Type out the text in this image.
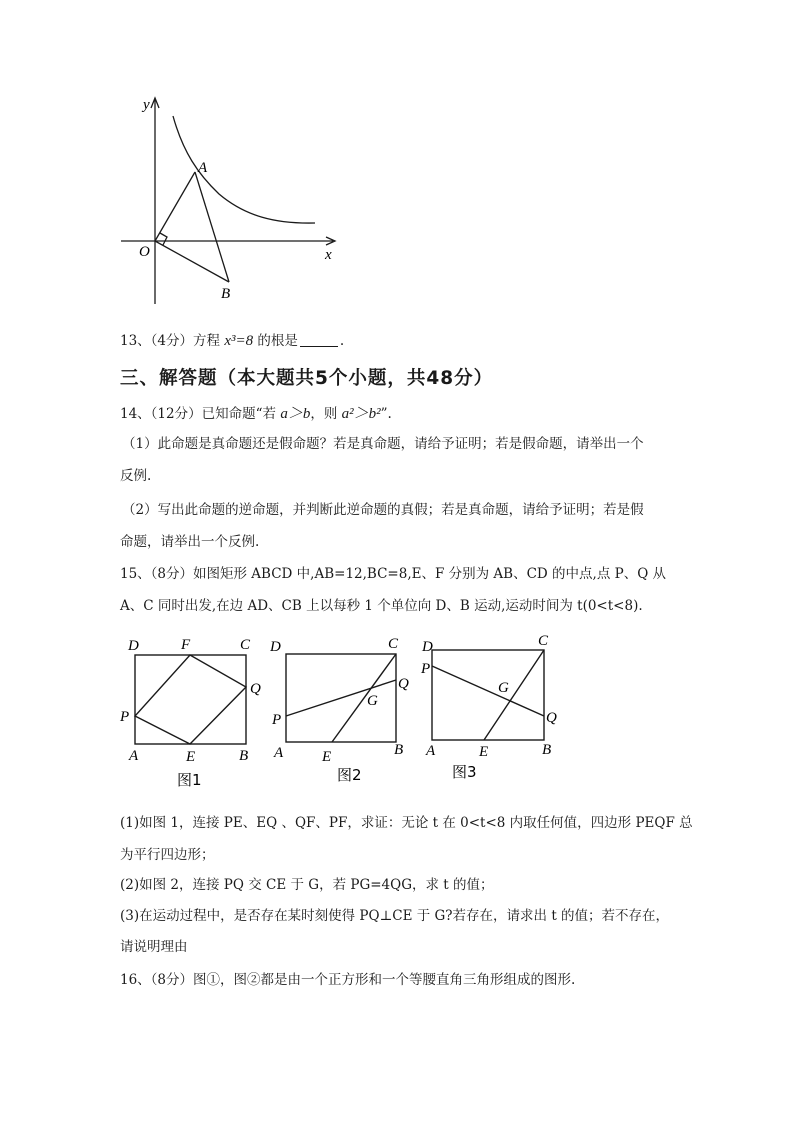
y
x
O
A
B
13、（4分）方程 x³=8 的根是	.
三、解答题（本大题共5个小题，共48分）
14、（12分）已知命题“若 a＞b，则 a²＞b²”.
（1）此命题是真命题还是假命题？若是真命题，请给予证明；若是假命题，请举出一个
反例.
（2）写出此命题的逆命题，并判断此逆命题的真假；若是真命题，请给予证明；若是假
命题，请举出一个反例.
15、（8分）如图矩形 ABCD 中,AB=12,BC=8,E、F 分别为 AB、CD 的中点,点 P、Q 从
A、C 同时出发,在边 AD、CB 上以每秒 1 个单位向 D、B 运动,运动时间为 t(0<t<8).
D	F	C
Q
P
A	E	B
图1
D	C
Q
G
P
A	E	B
图2
D	C
P
G
Q
A	E	B
图3
(1)如图 1，连接 PE、EQ 、QF、PF，求证：无论 t 在 0<t<8 内取任何值，四边形 PEQF 总
为平行四边形；
(2)如图 2，连接 PQ 交 CE 于 G，若 PG=4QG，求 t 的值；
(3)在运动过程中，是否存在某时刻使得 PQ⊥CE 于 G?若存在，请求出 t 的值；若不存在，
请说明理由
16、（8分）图①，图②都是由一个正方形和一个等腰直角三角形组成的图形.
